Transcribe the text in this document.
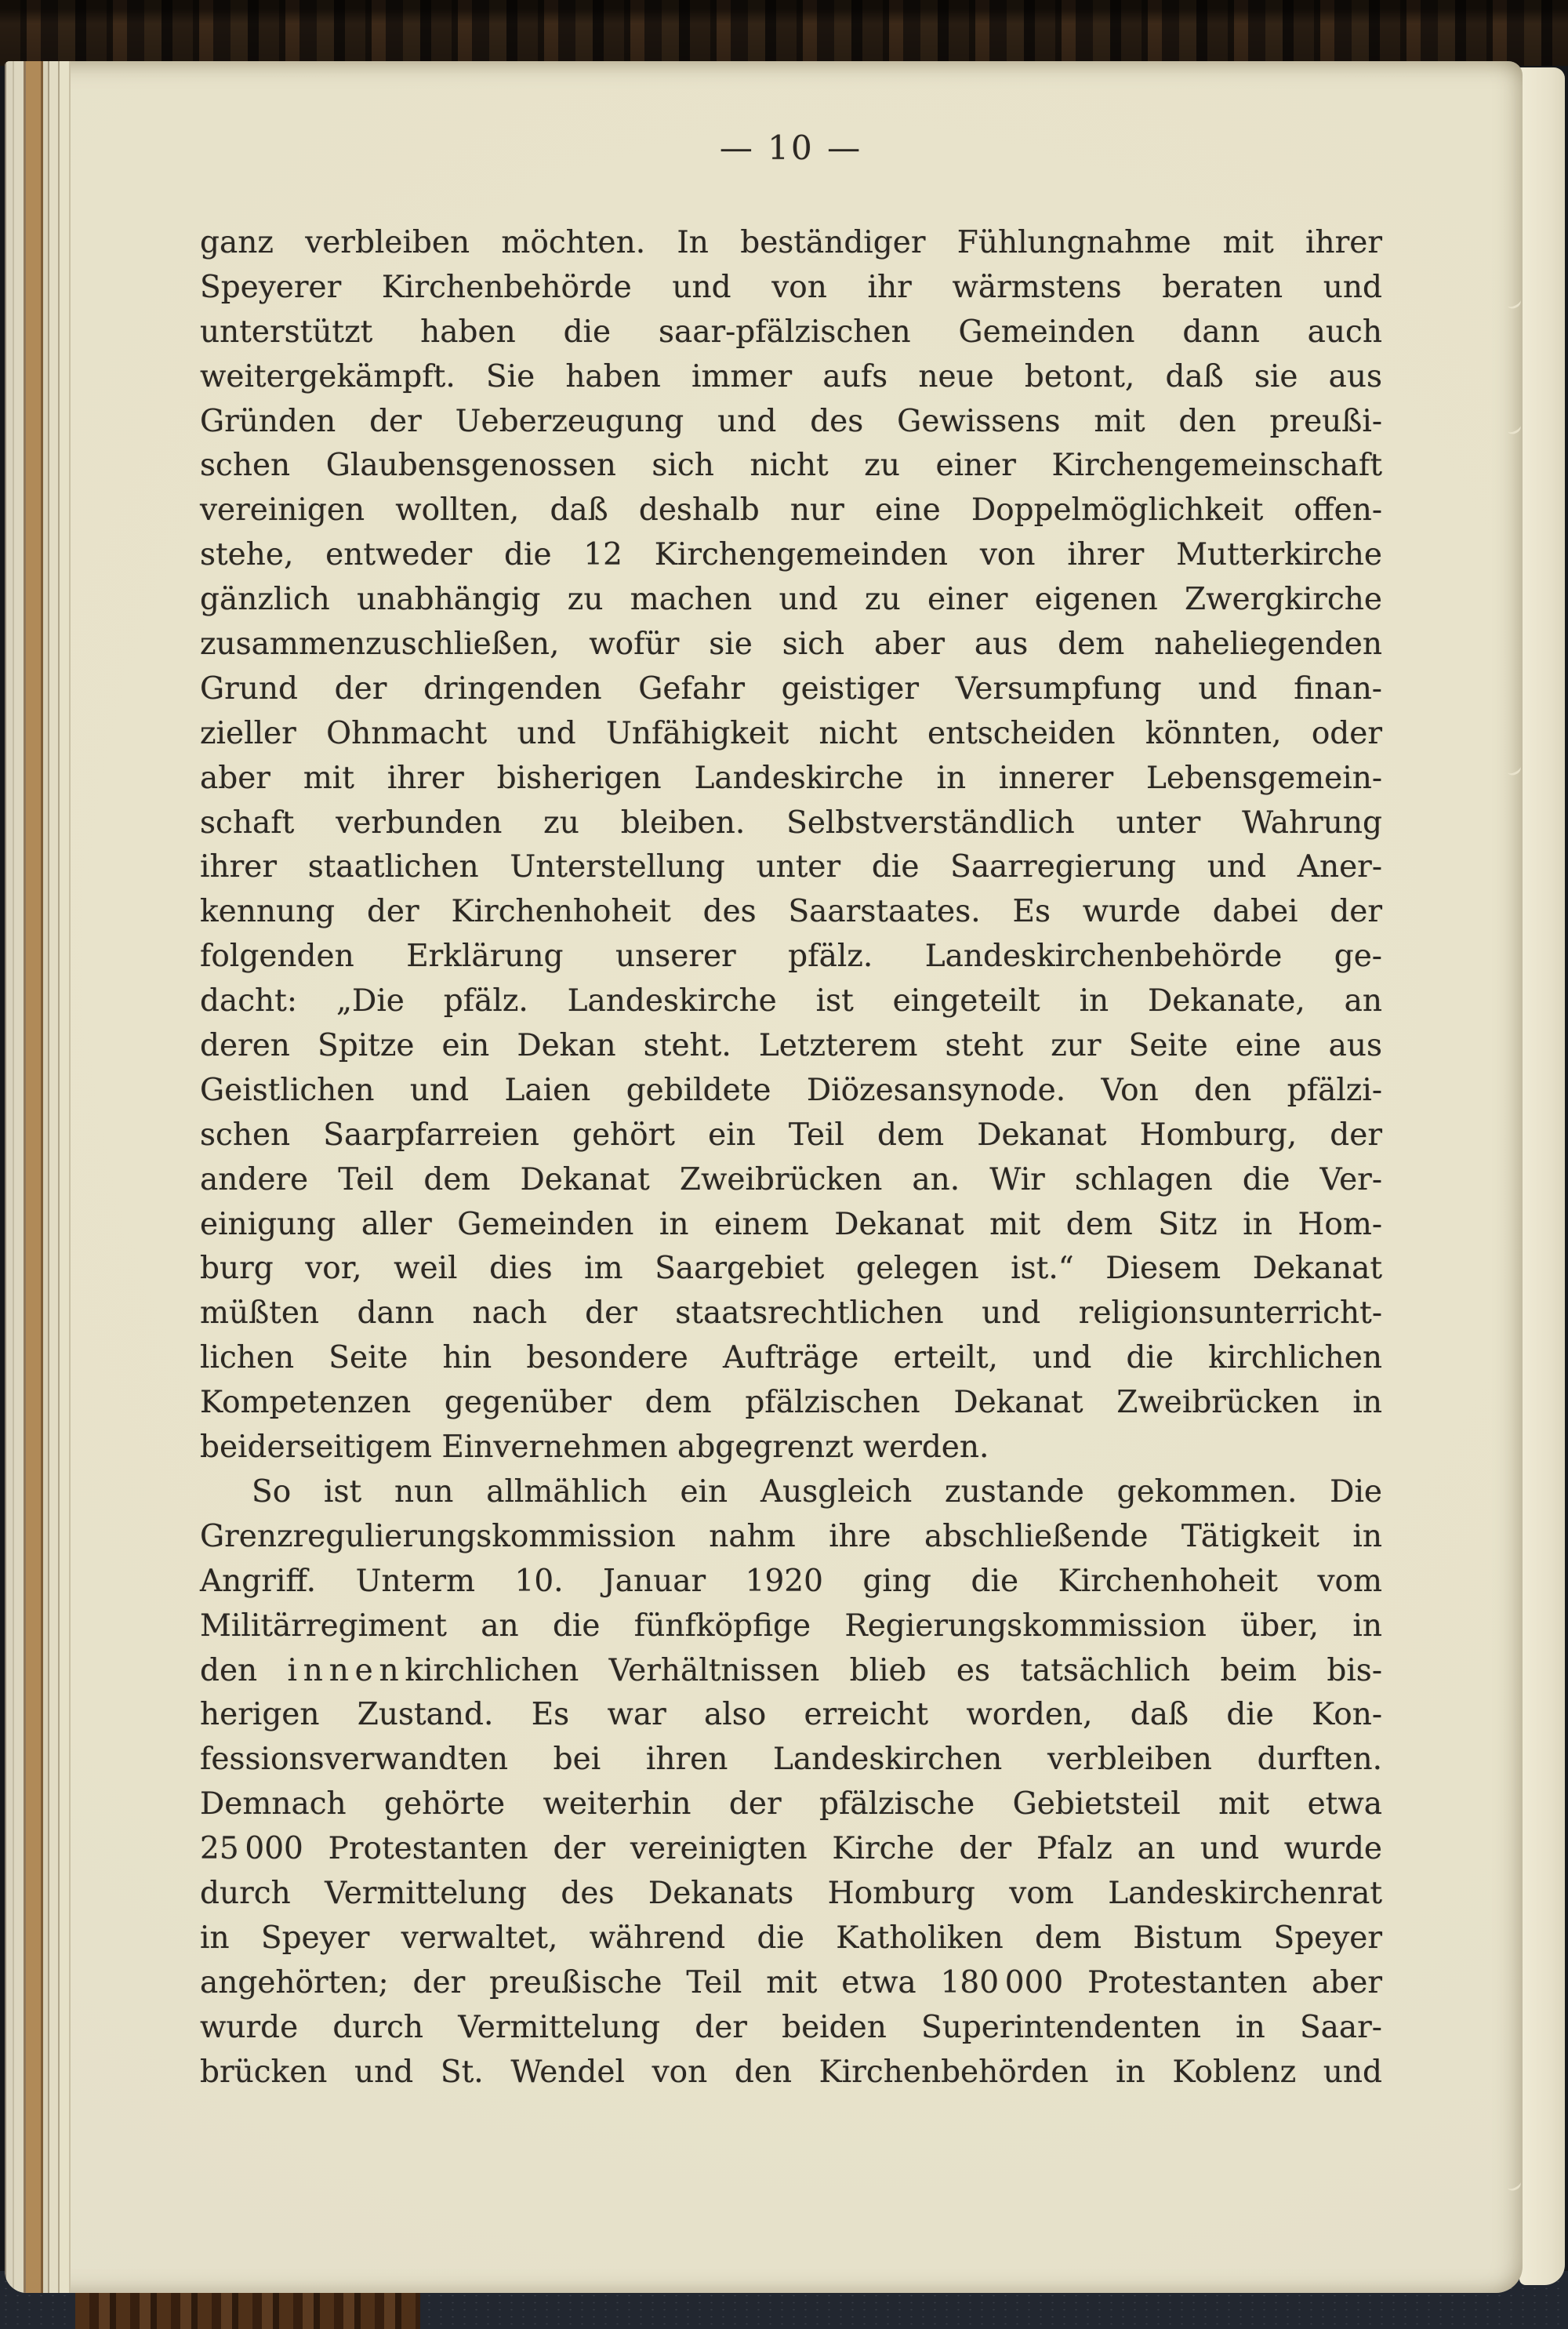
— 10 —
ganz verbleiben möchten. In beständiger Fühlungnahme mit ihrer
Speyerer Kirchenbehörde und von ihr wärmstens beraten und
unterstützt haben die saar-pfälzischen Gemeinden dann auch
weitergekämpft. Sie haben immer aufs neue betont, daß sie aus
Gründen der Ueberzeugung und des Gewissens mit den preußi-
schen Glaubensgenossen sich nicht zu einer Kirchengemeinschaft
vereinigen wollten, daß deshalb nur eine Doppelmöglichkeit offen-
stehe, entweder die 12 Kirchengemeinden von ihrer Mutterkirche
gänzlich unabhängig zu machen und zu einer eigenen Zwergkirche
zusammenzuschließen, wofür sie sich aber aus dem naheliegenden
Grund der dringenden Gefahr geistiger Versumpfung und finan-
zieller Ohnmacht und Unfähigkeit nicht entscheiden könnten, oder
aber mit ihrer bisherigen Landeskirche in innerer Lebensgemein-
schaft verbunden zu bleiben. Selbstverständlich unter Wahrung
ihrer staatlichen Unterstellung unter die Saarregierung und Aner-
kennung der Kirchenhoheit des Saarstaates. Es wurde dabei der
folgenden Erklärung unserer pfälz. Landeskirchenbehörde ge-
dacht: „Die pfälz. Landeskirche ist eingeteilt in Dekanate, an
deren Spitze ein Dekan steht. Letzterem steht zur Seite eine aus
Geistlichen und Laien gebildete Diözesansynode. Von den pfälzi-
schen Saarpfarreien gehört ein Teil dem Dekanat Homburg, der
andere Teil dem Dekanat Zweibrücken an. Wir schlagen die Ver-
einigung aller Gemeinden in einem Dekanat mit dem Sitz in Hom-
burg vor, weil dies im Saargebiet gelegen ist.“ Diesem Dekanat
müßten dann nach der staatsrechtlichen und religionsunterricht-
lichen Seite hin besondere Aufträge erteilt, und die kirchlichen
Kompetenzen gegenüber dem pfälzischen Dekanat Zweibrücken in
beiderseitigem Einvernehmen abgegrenzt werden.
So ist nun allmählich ein Ausgleich zustande gekommen. Die
Grenzregulierungskommission nahm ihre abschließende Tätigkeit in
Angriff. Unterm 10. Januar 1920 ging die Kirchenhoheit vom
Militärregiment an die fünfköpfige Regierungskommission über, in
den i n n e n kirchlichen Verhältnissen blieb es tatsächlich beim bis-
herigen Zustand. Es war also erreicht worden, daß die Kon-
fessionsverwandten bei ihren Landeskirchen verbleiben durften.
Demnach gehörte weiterhin der pfälzische Gebietsteil mit etwa
25 000 Protestanten der vereinigten Kirche der Pfalz an und wurde
durch Vermittelung des Dekanats Homburg vom Landeskirchenrat
in Speyer verwaltet, während die Katholiken dem Bistum Speyer
angehörten; der preußische Teil mit etwa 180 000 Protestanten aber
wurde durch Vermittelung der beiden Superintendenten in Saar-
brücken und St. Wendel von den Kirchenbehörden in Koblenz und
